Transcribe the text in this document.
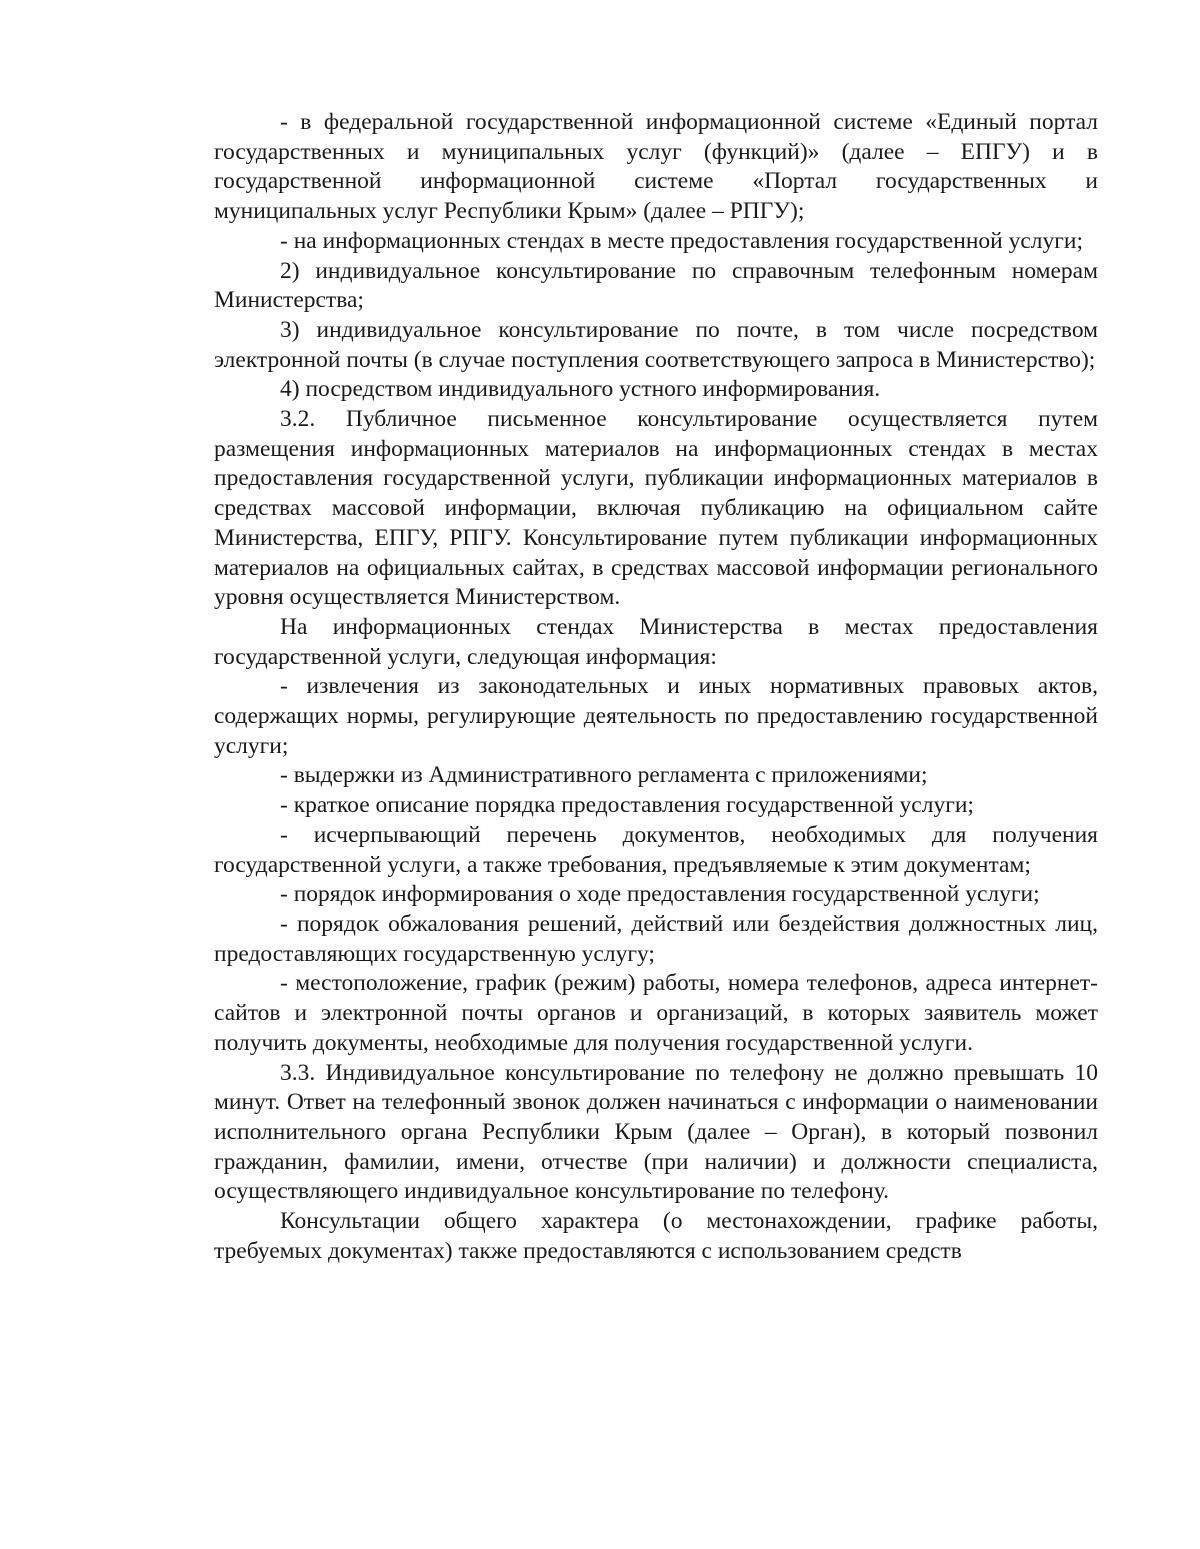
- в федеральной государственной информационной системе «Единый портал государственных и муниципальных услуг (функций)» (далее – ЕПГУ) и в государственной информационной системе «Портал государственных и муниципальных услуг Республики Крым» (далее – РПГУ);

- на информационных стендах в месте предоставления государственной услуги;

2) индивидуальное консультирование по справочным телефонным номерам Министерства;

3) индивидуальное консультирование по почте, в том числе посредством электронной почты (в случае поступления соответствующего запроса в Министерство);

4) посредством индивидуального устного информирования.

3.2. Публичное письменное консультирование осуществляется путем размещения информационных материалов на информационных стендах в местах предоставления государственной услуги, публикации информационных материалов в средствах массовой информации, включая публикацию на официальном сайте Министерства, ЕПГУ, РПГУ. Консультирование путем публикации информационных материалов на официальных сайтах, в средствах массовой информации регионального уровня осуществляется Министерством.

На информационных стендах Министерства в местах предоставления государственной услуги, следующая информация:

- извлечения из законодательных и иных нормативных правовых актов, содержащих нормы, регулирующие деятельность по предоставлению государственной услуги;

- выдержки из Административного регламента с приложениями;

- краткое описание порядка предоставления государственной услуги;

- исчерпывающий перечень документов, необходимых для получения государственной услуги, а также требования, предъявляемые к этим документам;

- порядок информирования о ходе предоставления государственной услуги;

- порядок обжалования решений, действий или бездействия должностных лиц, предоставляющих государственную услугу;

- местоположение, график (режим) работы, номера телефонов, адреса интернет-сайтов и электронной почты органов и организаций, в которых заявитель может получить документы, необходимые для получения государственной услуги.

3.3. Индивидуальное консультирование по телефону не должно превышать 10 минут. Ответ на телефонный звонок должен начинаться с информации о наименовании исполнительного органа Республики Крым (далее – Орган), в который позвонил гражданин, фамилии, имени, отчестве (при наличии) и должности специалиста, осуществляющего индивидуальное консультирование по телефону.

Консультации общего характера (о местонахождении, графике работы, требуемых документах) также предоставляются с использованием средств
